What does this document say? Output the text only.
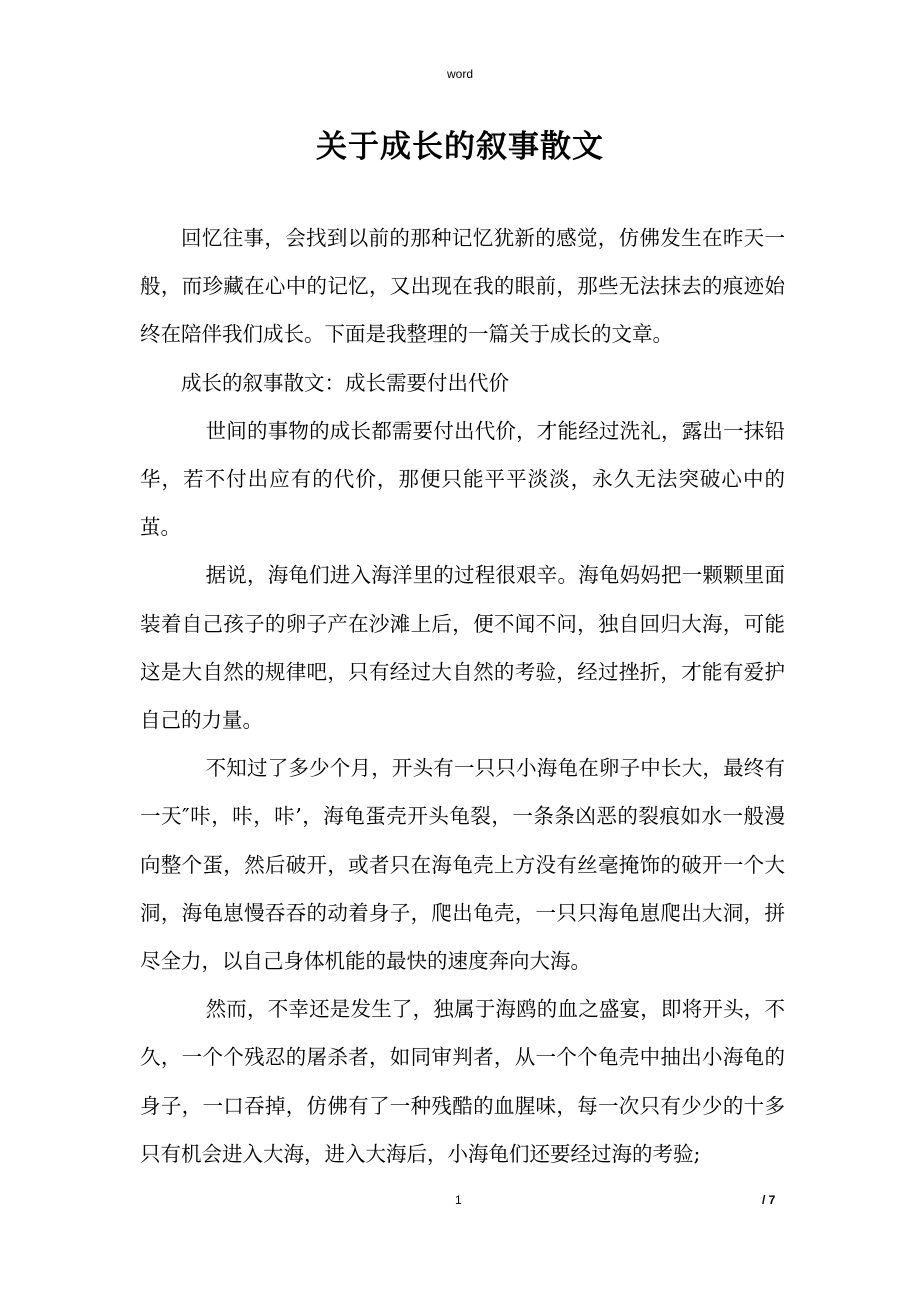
word
关于成长的叙事散文

回忆往事，会找到以前的那种记忆犹新的感觉，仿佛发生在昨天一般，而珍藏在心中的记忆，又出现在我的眼前，那些无法抹去的痕迹始终在陪伴我们成长。下面是我整理的一篇关于成长的文章。

成长的叙事散文：成长需要付出代价

世间的事物的成长都需要付出代价，才能经过洗礼，露出一抹铅华，若不付出应有的代价，那便只能平平淡淡，永久无法突破心中的茧。

据说，海龟们进入海洋里的过程很艰辛。海龟妈妈把一颗颗里面装着自己孩子的卵子产在沙滩上后，便不闻不问，独自回归大海，可能这是大自然的规律吧，只有经过大自然的考验，经过挫折，才能有爱护自己的力量。

不知过了多少个月，开头有一只只小海龟在卵子中长大，最终有一天″咔，咔，咔’，海龟蛋壳开头龟裂，一条条凶恶的裂痕如水一般漫向整个蛋，然后破开，或者只在海龟壳上方没有丝毫掩饰的破开一个大洞，海龟崽慢吞吞的动着身子，爬出龟壳，一只只海龟崽爬出大洞，拼尽全力，以自己身体机能的最快的速度奔向大海。

然而，不幸还是发生了，独属于海鸥的血之盛宴，即将开头，不久，一个个残忍的屠杀者，如同审判者，从一个个龟壳中抽出小海龟的身子，一口吞掉，仿佛有了一种残酷的血腥味，每一次只有少少的十多只有机会进入大海，进入大海后，小海龟们还要经过海的考验;

1	/ 7
